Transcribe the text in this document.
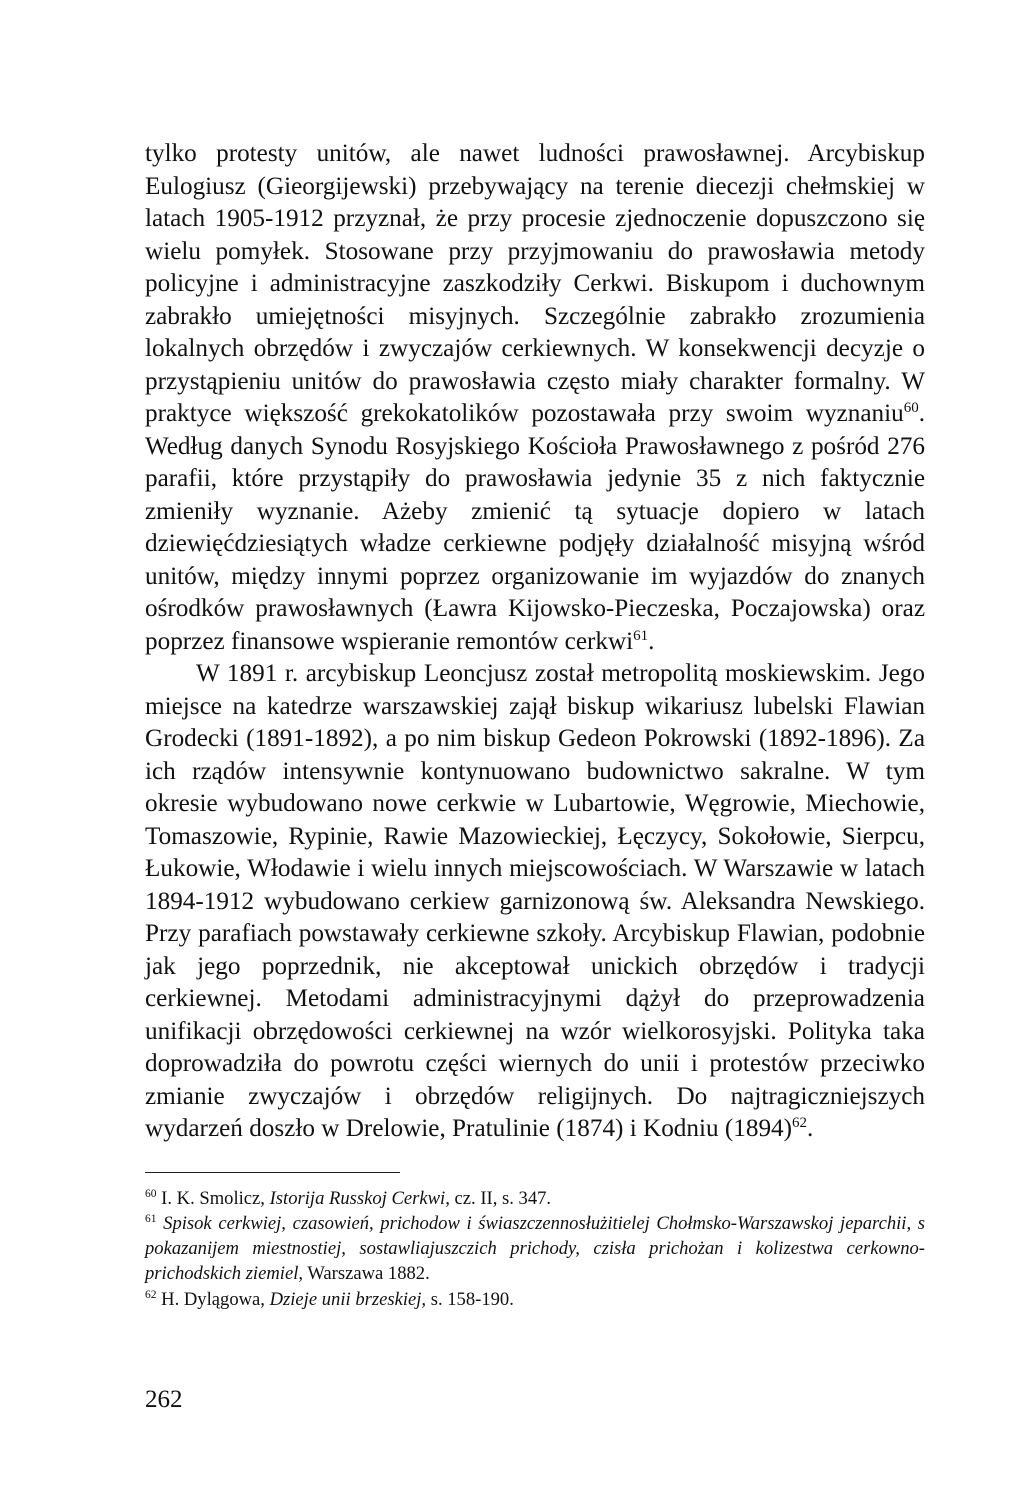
tylko protesty unitów, ale nawet ludności prawosławnej. Arcybiskup Eulogiusz (Gieorgijewski) przebywający na terenie diecezji chełmskiej w latach 1905-1912 przyznał, że przy procesie zjednoczenie dopuszczono się wielu pomyłek. Stosowane przy przyjmowaniu do prawosławia metody policyjne i administracyjne zaszkodziły Cerkwi. Biskupom i duchownym zabrakło umiejętności misyjnych. Szczególnie zabrakło zrozumienia lokalnych obrzędów i zwyczajów cerkiewnych. W konsekwencji decyzje o przystąpieniu unitów do prawosławia często miały charakter formalny. W praktyce większość grekokatolików pozostawała przy swoim wyznaniu$^{60}$. Według danych Synodu Rosyjskiego Kościoła Prawosławnego z pośród 276 parafii, które przystąpiły do prawosławia jedynie 35 z nich faktycznie zmieniły wyznanie. Ażeby zmienić tą sytuacje dopiero w latach dziewięćdziesiątych władze cerkiewne podjęły działalność misyjną wśród unitów, między innymi poprzez organizowanie im wyjazdów do znanych ośrodków prawosławnych (Ławra Kijowsko-Pieczeska, Poczajowska) oraz poprzez finansowe wspieranie remontów cerkwi$^{61}$.

W 1891 r. arcybiskup Leoncjusz został metropolitą moskiewskim. Jego miejsce na katedrze warszawskiej zajął biskup wikariusz lubelski Flawian Grodecki (1891-1892), a po nim biskup Gedeon Pokrowski (1892-1896). Za ich rządów intensywnie kontynuowano budownictwo sakralne. W tym okresie wybudowano nowe cerkwie w Lubartowie, Węgrowie, Miechowie, Tomaszowie, Rypinie, Rawie Mazowieckiej, Łęczycy, Sokołowie, Sierpcu, Łukowie, Włodawie i wielu innych miejscowościach. W Warszawie w latach 1894-1912 wybudowano cerkiew garnizonową św. Aleksandra Newskiego. Przy parafiach powstawały cerkiewne szkoły. Arcybiskup Flawian, podobnie jak jego poprzednik, nie akceptował unickich obrzędów i tradycji cerkiewnej. Metodami administracyjnymi dążył do przeprowadzenia unifikacji obrzędowości cerkiewnej na wzór wielkorosyjski. Polityka taka doprowadziła do powrotu części wiernych do unii i protestów przeciwko zmianie zwyczajów i obrzędów religijnych. Do najtragiczniejszych wydarzeń doszło w Drelowie, Pratulinie (1874) i Kodniu $(1894)^{62}$.

$^{60}$ I. K. Smolicz, Istorija Russkoj Cerkwi, cz. II, s. 347.

$^{61}$ Spisok cerkwiej, czasowień, prichodow i świaszczennosłużitielej Chołmsko-Warszawskoj jeparchii, s pokazanijem miestnostiej, sostawliajuszczich prichody, czisła prichożan i kolizestwa cerkowno-prichodskich ziemiel, Warszawa 1882.

$^{62}$ H. Dylągowa, Dzieje unii brzeskiej, s. 158-190.

262
